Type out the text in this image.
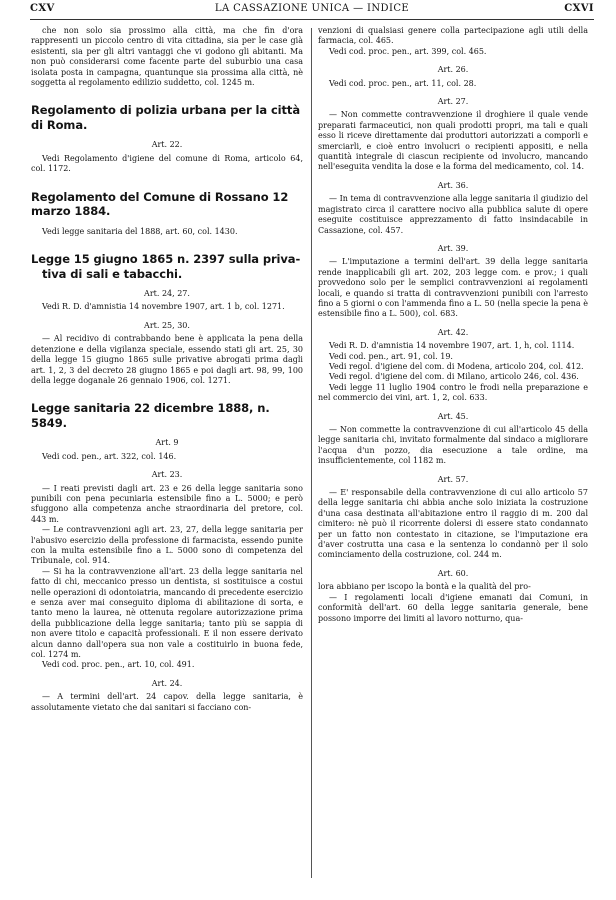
CXV	LA CASSAZIONE UNICA — INDICE	CXVI

che non solo sia prossimo alla città, ma che fin d'ora rappresenti un piccolo centro di vita cittadina, sia per le case già esistenti, sia per gli altri vantaggi che vi godono gli abitanti. Ma non può considerarsi come facente parte del suburbio una casa isolata posta in campagna, quantunque sia prossima alla città, nè soggetta al regolamento edilizio suddetto, col. 1245 m.

Regolamento di polizia urbana per la città di Roma.
Art. 22.

Vedi Regolamento d'igiene del comune di Roma, articolo 64, col. 1172.

Regolamento del Comune di Rossano 12 marzo 1884.

Vedi legge sanitaria del 1888, art. 60, col. 1430.

Legge 15 giugno 1865 n. 2397 sulla priva-
tiva di sali e tabacchi.
Art. 24, 27.

Vedi R. D. d'amnistia 14 novembre 1907, art. 1 b, col. 1271.

Art. 25, 30.

— Al recidivo di contrabbando bene è applicata la pena della detenzione e della vigilanza speciale, essendo stati gli art. 25, 30 della legge 15 giugno 1865 sulle privative abrogati prima dagli art. 1, 2, 3 del decreto 28 giugno 1865 e poi dagli art. 98, 99, 100 della legge doganale 26 gennaio 1906, col. 1271.

Legge sanitaria 22 dicembre 1888, n. 5849.
Art. 9

Vedi cod. pen., art. 322, col. 146.

Art. 23.

— I reati previsti dagli art. 23 e 26 della legge sanitaria sono punibili con pena pecuniaria estensibile fino a L. 5000; e però sfuggono alla competenza anche straordinaria del pretore, col. 443 m.

— Le contravvenzioni agli art. 23, 27, della legge sanitaria per l'abusivo esercizio della professione di farmacista, essendo punite con la multa estensibile fino a L. 5000 sono di competenza del Tribunale, col. 914.

— Si ha la contravvenzione all'art. 23 della legge sanitaria nel fatto di chi, meccanico presso un dentista, si sostituisce a costui nelle operazioni di odontoiatria, mancando di precedente esercizio e senza aver mai conseguito diploma di abilitazione di sorta, e tanto meno la laurea, nè ottenuta regolare autorizzazione prima della pubblicazione della legge sanitaria; tanto più se sappia di non avere titolo e capacità professionali. E il non essere derivato alcun danno dall'opera sua non vale a costituirlo in buona fede, col. 1274 m.

Vedi cod. proc. pen., art. 10, col. 491.

Art. 24.

— A termini dell'art. 24 capov. della legge sanitaria, è assolutamente vietato che dai sanitari si facciano con-

venzioni di qualsiasi genere colla partecipazione agli utili della farmacia, col. 465.

Vedi cod. proc. pen., art. 399, col. 465.

Art. 26.

Vedi cod. proc. pen., art. 11, col. 28.

Art. 27.

— Non commette contravvenzione il droghiere il quale vende preparati farmaceutici, non quali prodotti propri, ma tali e quali esso li riceve direttamente dai produttori autorizzati a comporli e smerciarli, e cioè entro involucri o recipienti appositi, e nella quantità integrale di ciascun recipiente od involucro, mancando nell'eseguita vendita la dose e la forma del medicamento, col. 14.

Art. 36.

— In tema di contravvenzione alla legge sanitaria il giudizio del magistrato circa il carattere nocivo alla pubblica salute di opere eseguite costituisce apprezzamento di fatto insindacabile in Cassazione, col. 457.

Art. 39.

— L'imputazione a termini dell'art. 39 della legge sanitaria rende inapplicabili gli art. 202, 203 legge com. e prov.; i quali provvedono solo per le semplici contravvenzioni ai regolamenti locali, e quando si tratta di contravvenzioni punibili con l'arresto fino a 5 giorni o con l'ammenda fino a L. 50 (nella specie la pena è estensibile fino a L. 500), col. 683.

Art. 42.

Vedi R. D. d'amnistia 14 novembre 1907, art. 1, h, col. 1114.

Vedi cod. pen., art. 91, col. 19.

Vedi regol. d'igiene del com. di Modena, articolo 204, col. 412.

Vedi regol. d'igiene del com. di Milano, articolo 246, col. 436.

Vedi legge 11 luglio 1904 contro le frodi nella preparazione e nel commercio dei vini, art. 1, 2, col. 633.

Art. 45.

— Non commette la contravvenzione di cui all'articolo 45 della legge sanitaria chi, invitato formalmente dal sindaco a migliorare l'acqua d'un pozzo, dia esecuzione a tale ordine, ma insufficientemente, col 1182 m.

Art. 57.

— E' responsabile della contravvenzione di cui allo articolo 57 della legge sanitaria chi abbia anche solo iniziata la costruzione d'una casa destinata all'abitazione entro il raggio di m. 200 dal cimitero: nè può il ricorrente dolersi di essere stato condannato per un fatto non contestato in citazione, se l'imputazione era d'aver costrutta una casa e la sentenza lo condannò per il solo cominciamento della costruzione, col. 244 m.

Art. 60.

lora abbiano per iscopo la bontà e la qualità del pro-

— I regolamenti locali d'igiene emanati dai Comuni, in conformità dell'art. 60 della legge sanitaria generale, bene possono imporre dei limiti al lavoro notturno, qua-
